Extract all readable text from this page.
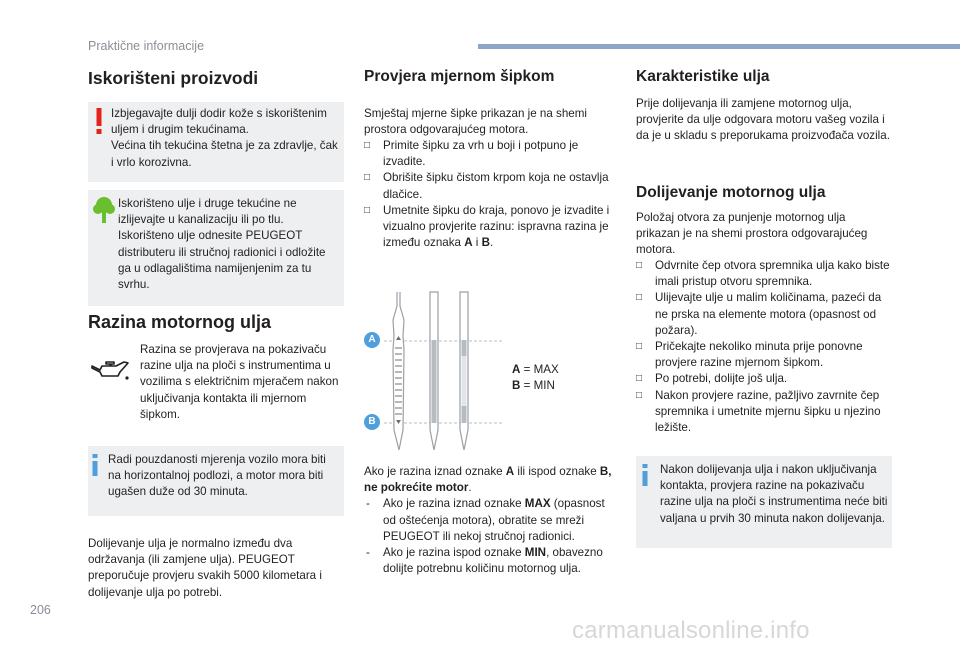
Praktične informacije
Iskorišteni proizvodi

Izbjegavajte dulji dodir kože s iskorištenim uljem i drugim tekućinama.
Većina tih tekućina štetna je za zdravlje, čak i vrlo korozivna.

Iskorišteno ulje i druge tekućine ne izlijevajte u kanalizaciju ili po tlu.
Iskorišteno ulje odnesite PEUGEOT distributeru ili stručnoj radionici i odložite ga u odlagalištima namijenjenim za tu svrhu.

Razina motornog ulja

Razina se provjerava na pokazivaču razine ulja na ploči s instrumentima u vozilima s električnim mjeračem nakon uključivanja kontakta ili mjernom šipkom.

Radi pouzdanosti mjerenja vozilo mora biti na horizontalnoj podlozi, a motor mora biti ugašen duže od 30 minuta.

Dolijevanje ulja je normalno između dva održavanja (ili zamjene ulja). PEUGEOT preporučuje provjeru svakih 5000 kilometara i dolijevanje ulja po potrebi.

Provjera mjernom šipkom

Smještaj mjerne šipke prikazan je na shemi prostora odgovarajućeg motora.

□ Primite šipku za vrh u boji i potpuno je izvadite.
□ Obrišite šipku čistom krpom koja ne ostavlja dlačice.
□ Umetnite šipku do kraja, ponovo je izvadite i vizualno provjerite razinu: ispravna razina je između oznaka A i B.
A
B

A = MAX
B = MIN

Ako je razina iznad oznake A ili ispod oznake B, ne pokrećite motor.

- Ako je razina iznad oznake MAX (opasnost od oštećenja motora), obratite se mreži PEUGEOT ili nekoj stručnoj radionici.
- Ako je razina ispod oznake MIN, obavezno dolijte potrebnu količinu motornog ulja.
Karakteristike ulja

Prije dolijevanja ili zamjene motornog ulja, provjerite da ulje odgovara motoru vašeg vozila i da je u skladu s preporukama proizvođača vozila.

Dolijevanje motornog ulja

Položaj otvora za punjenje motornog ulja prikazan je na shemi prostora odgovarajućeg motora.

□ Odvrnite čep otvora spremnika ulja kako biste imali pristup otvoru spremnika.
□ Ulijevajte ulje u malim količinama, pazeći da ne prska na elemente motora (opasnost od požara).
□ Pričekajte nekoliko minuta prije ponovne provjere razine mjernom šipkom.
□ Po potrebi, dolijte još ulja.
□ Nakon provjere razine, pažljivo zavrnite čep spremnika i umetnite mjernu šipku u njezino ležište.

Nakon dolijevanja ulja i nakon uključivanja kontakta, provjera razine na pokazivaču razine ulja na ploči s instrumentima neće biti valjana u prvih 30 minuta nakon dolijevanja.

206
carmanualsonline.info
